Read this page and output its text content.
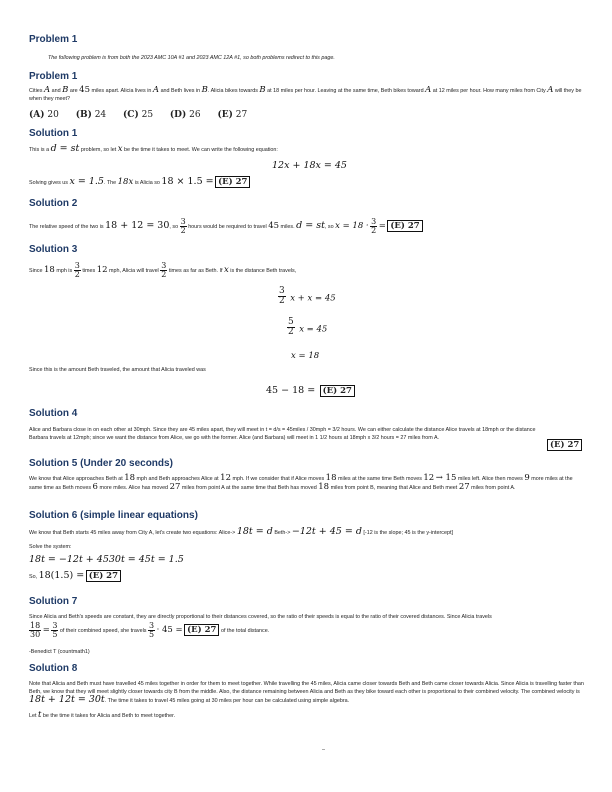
Problem 1
The following problem is from both the 2023 AMC 10A #1 and 2023 AMC 12A #1, so both problems redirect to this page.
Problem 1
Cities A and B are 45 miles apart. Alicia lives in A and Beth lives in B. Alicia bikes towards B at 18 miles per hour. Leaving at the same time, Beth bikes toward A at 12 miles per hour. How many miles from City A will they be when they meet?
(A) 20 (B) 24 (C) 25 (D) 26 (E) 27
Solution 1
This is a d = st problem, so let x be the time it takes to meet. We can write the following equation:
12x + 18x = 45
Solving gives us x = 1.5. The 18x is Alicia so 18 × 1.5 = (E) 27
Solution 2
The relative speed of the two is 18 + 12 = 30, so $\frac{3}{2}$ hours would be required to travel 45 miles. d = st, so $x = 18 \cdot \frac{3}{2} = (E)$ 27
Solution 3
Since 18 mph is $\frac{3}{2}$ times 12 mph, Alicia will travel $\frac{3}{2}$ times as far as Beth. If x is the distance Beth travels,
$\frac{3}{2}$ x + x = 45
$\frac{5}{2}$ x = 45
x = 18
Since this is the amount Beth traveled, the amount that Alicia traveled was
45 − 18 = (E) 27
Solution 4
Alice and Barbara close in on each other at 30mph. Since they are 45 miles apart, they will meet in t = d/s = 45miles / 30mph = 3/2 hours. We can either calculate the distance Alice travels at 18mph or the distance Barbara travels at 12mph; since we want the distance from Alice, we go with the former. Alice (and Barbara) will meet in 1 1/2 hours at 18mph x 3/2 hours = 27 miles from A.
(E) 27
Solution 5 (Under 20 seconds)
We know that Alice approaches Beth at 18 mph and Beth approaches Alice at 12 mph. If we consider that if Alice moves 18 miles at the same time Beth moves 12 → 15 miles left. Alice then moves 9 more miles at the same time as Beth moves 6 more miles. Alice has moved 27 miles from point A at the same time that Beth has moved 18 miles from point B, meaning that Alice and Beth meet 27 miles from point A.
Solution 6 (simple linear equations)
We know that Beth starts 45 miles away from City A, let's create two equations: Alice-> 18t = d Beth-> −12t + 45 = d [-12 is the slope; 45 is the y-intercept]
Solve the system:
18t = −12t + 4530t = 45t = 1.5
So, 18(1.5) = (E) 27
Solution 7
Since Alicia and Beth's speeds are constant, they are directly proportional to their distances covered, so the ratio of their speeds is equal to the ratio of their covered distances. Since Alicia travels
$\frac{18}{30} = \frac{3}{5}$ of their combined speed, she travels $\frac{3}{5} \cdot 45 = (E)$ 27 of the total distance.
-Benedict T (countmath1)
Solution 8
Note that Alicia and Beth must have travelled 45 miles together in order for them to meet together. While travelling the 45 miles, Alicia came closer towards Beth and Beth came closer towards Alicia. Since Alicia is travelling faster than Beth, we know that they will meet slightly closer towards city B from the middle. Also, the distance remaining between Alicia and Beth as they bike toward each other is proportional to their combined velocity. The combined velocity is 18t + 12t = 30t. The time it takes to travel 45 miles going at 30 miles per hour can be calculated using simple algebra.
Let t be the time it takes for Alicia and Beth to meet together.
–
